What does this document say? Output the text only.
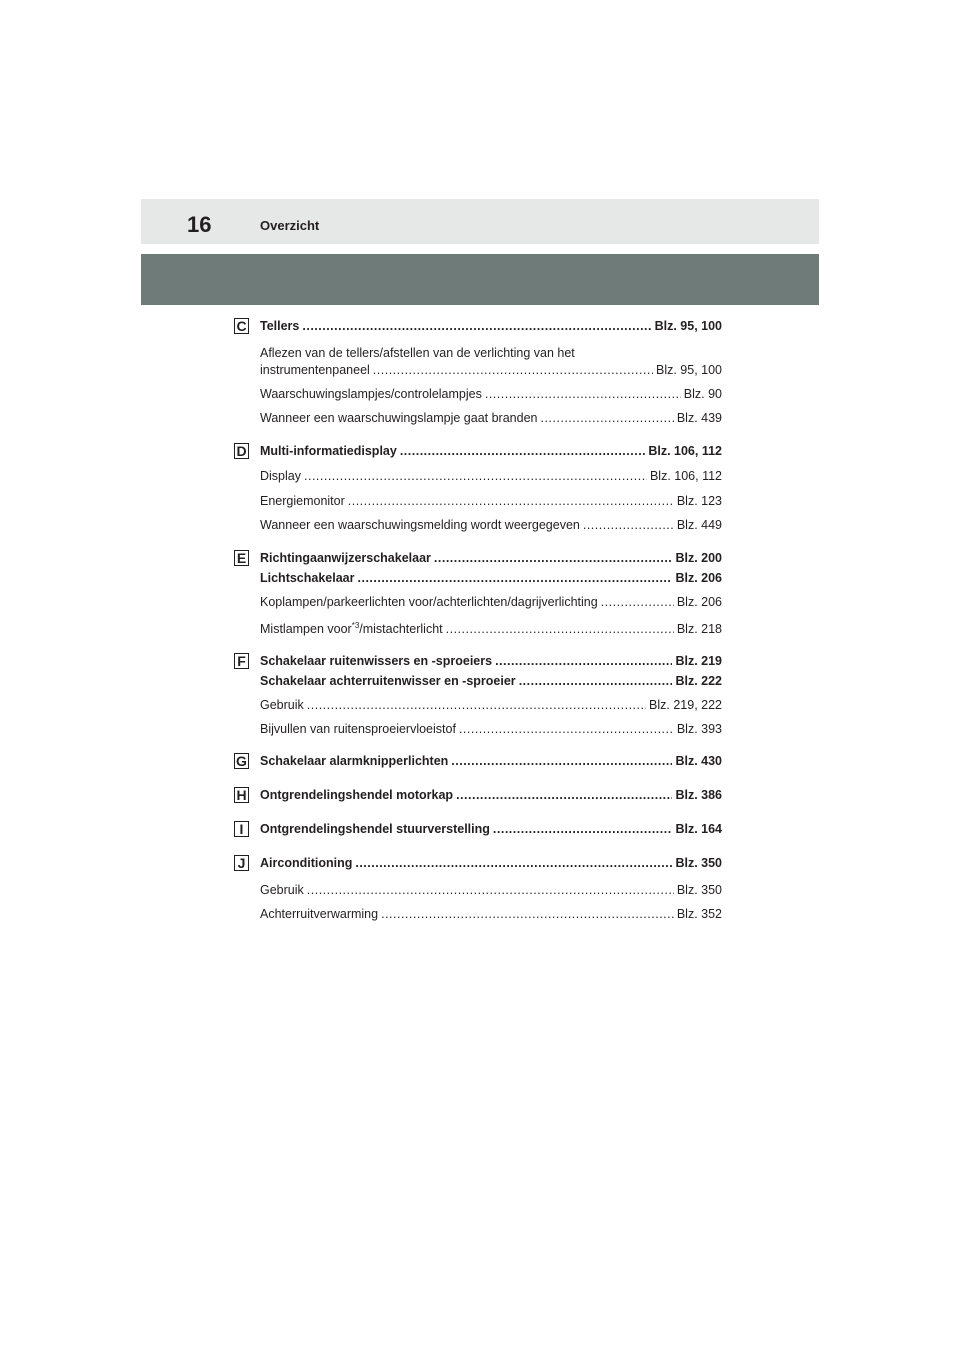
16	Overzicht
C Tellers .....	Blz. 95, 100
Aflezen van de tellers/afstellen van de verlichting van het
instrumentenpaneel .....	Blz. 95, 100
Waarschuwingslampjes/controlelampjes .....	Blz. 90
Wanneer een waarschuwingslampje gaat branden .....	Blz. 439
D Multi-informatiedisplay .....	Blz. 106, 112
Display .....	Blz. 106, 112
Energiemonitor .....	Blz. 123
Wanneer een waarschuwingsmelding wordt weergegeven .....	Blz. 449
E Richtingaanwijzerschakelaar .....	Blz. 200
Lichtschakelaar .....	Blz. 206
Koplampen/parkeerlichten voor/achterlichten/dagrijverlichting .....	Blz. 206
Mistlampen voor$^{*3}$/mistachterlicht .....	Blz. 218
F Schakelaar ruitenwissers en -sproeiers .....	Blz. 219
Schakelaar achterruitenwisser en -sproeier .....	Blz. 222
Gebruik .....	Blz. 219, 222
Bijvullen van ruitensproeiervloeistof .....	Blz. 393
G Schakelaar alarmknipperlichten .....	Blz. 430
H Ontgrendelingshendel motorkap .....	Blz. 386
I	Ontgrendelingshendel stuurverstelling .....	Blz. 164
J Airconditioning .....	Blz. 350
Gebruik .....	Blz. 350
Achterruitverwarming .....	Blz. 352
